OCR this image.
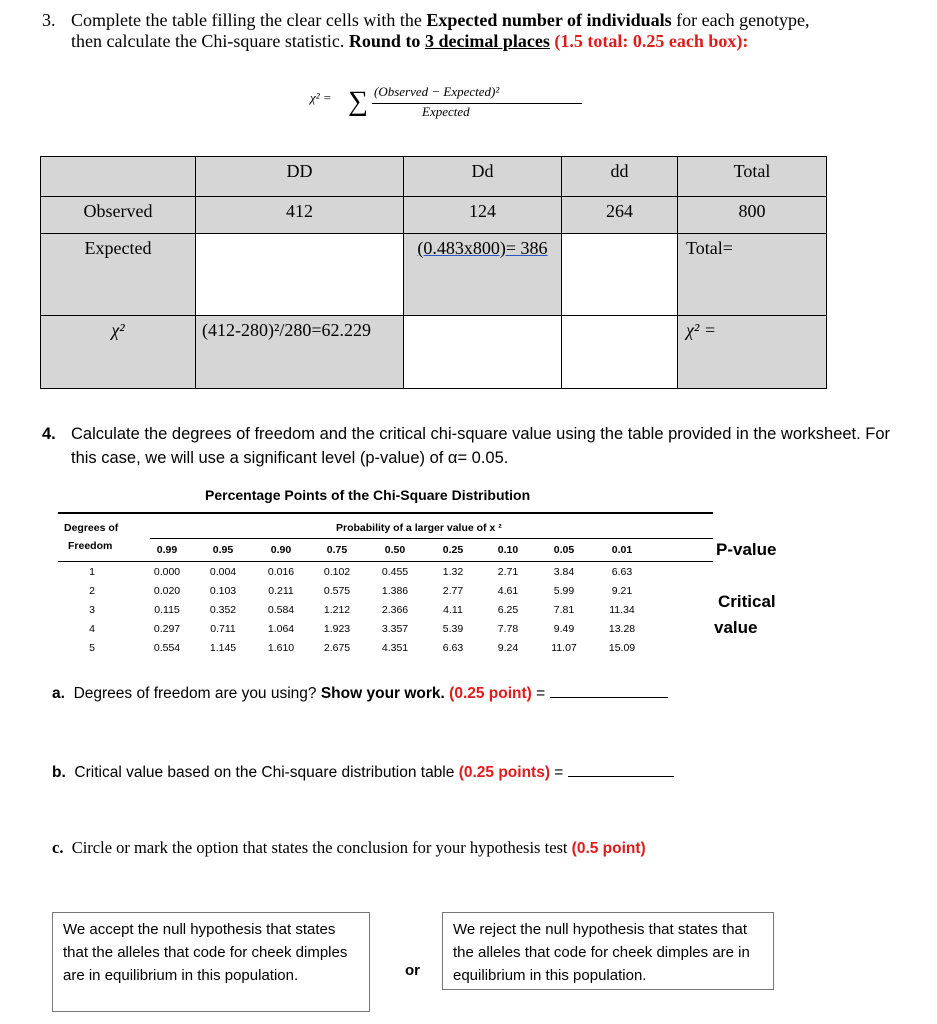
3. Complete the table filling the clear cells with the Expected number of individuals for each genotype, then calculate the Chi-square statistic. Round to 3 decimal places (1.5 total: 0.25 each box):
χ² = ∑ (Observed − Expected)²
Expected

	DD	Dd	dd	Total

Observed	412	124	264	800

Expected		(0.483x800)= 386		Total=

χ²	(412-280)²/280=62.229			χ² =
4. Calculate the degrees of freedom and the critical chi-square value using the table provided in the worksheet. For this case, we will use a significant level (p-value) of α= 0.05.
Percentage Points of the Chi-Square Distribution
Degrees of
Freedom
Probability of a larger value of x ²
0.99	0.95	0.90	0.75	0.50	0.25	0.10	0.05	0.01
1	0.000	0.004	0.016	0.102	0.455	1.32	2.71	3.84	6.63
2	0.020	0.103	0.211	0.575	1.386	2.77	4.61	5.99	9.21
3	0.115	0.352	0.584	1.212	2.366	4.11	6.25	7.81	11.34
4	0.297	0.711	1.064	1.923	3.357	5.39	7.78	9.49	13.28
5	0.554	1.145	1.610	2.675	4.351	6.63	9.24	11.07	15.09
P-value
Critical
value
a. Degrees of freedom are you using? Show your work. (0.25 point) =
b. Critical value based on the Chi-square distribution table (0.25 points) =
c. Circle or mark the option that states the conclusion for your hypothesis test (0.5 point)
We accept the null hypothesis that states that the alleles that code for cheek dimples are in equilibrium in this population.	or
We reject the null hypothesis that states that the alleles that code for cheek dimples are in equilibrium in this population.
